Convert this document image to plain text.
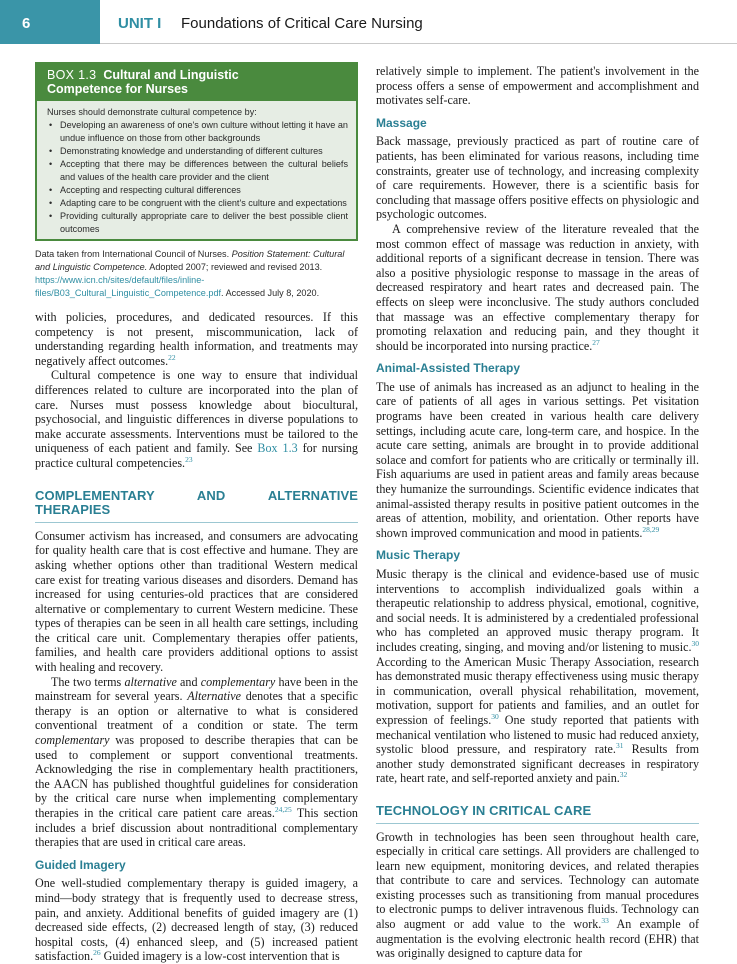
6	UNIT I Foundations of Critical Care Nursing
BOX 1.3 Cultural and Linguistic
Competence for Nurses
Nurses should demonstrate cultural competence by:
• Developing an awareness of one's own culture without letting it have an undue influence on those from other backgrounds
• Demonstrating knowledge and understanding of different cultures
• Accepting that there may be differences between the cultural beliefs and values of the health care provider and the client
• Accepting and respecting cultural differences
• Adapting care to be congruent with the client's culture and expectations
• Providing culturally appropriate care to deliver the best possible client outcomes
Data taken from International Council of Nurses. Position Statement: Cultural and Linguistic Competence. Adopted 2007; reviewed and revised 2013. https://www.icn.ch/sites/default/files/inline-files/B03_Cultural_Linguistic_Competence.pdf. Accessed July 8, 2020.

with policies, procedures, and dedicated resources. If this competency is not present, miscommunication, lack of understanding regarding health information, and treatments may negatively affect outcomes.$^{22}$

Cultural competence is one way to ensure that individual differences related to culture are incorporated into the plan of care. Nurses must possess knowledge about biocultural, psychosocial, and linguistic differences in diverse populations to make accurate assessments. Interventions must be tailored to the uniqueness of each patient and family. See Box 1.3 for nursing practice cultural competencies.$^{23}$

COMPLEMENTARY AND ALTERNATIVE THERAPIES

Consumer activism has increased, and consumers are advocating for quality health care that is cost effective and humane. They are asking whether options other than traditional Western medical care exist for treating various diseases and disorders. Demand has increased for using centuries-old practices that are considered alternative or complementary to current Western medicine. These types of therapies can be seen in all health care settings, including the critical care unit. Complementary therapies offer patients, families, and health care providers additional options to assist with healing and recovery.

The two terms alternative and complementary have been in the mainstream for several years. Alternative denotes that a specific therapy is an option or alternative to what is considered conventional treatment of a condition or state. The term complementary was proposed to describe therapies that can be used to complement or support conventional treatments. Acknowledging the rise in complementary health practitioners, the AACN has published thoughtful guidelines for consideration by the critical care nurse when implementing complementary therapies in the critical care patient care areas.$^{24,25}$ This section includes a brief discussion about nontraditional complementary therapies that are used in critical care areas.

Guided Imagery

One well-studied complementary therapy is guided imagery, a mind—body strategy that is frequently used to decrease stress, pain, and anxiety. Additional benefits of guided imagery are (1) decreased side effects, (2) decreased length of stay, (3) reduced hospital costs, (4) enhanced sleep, and (5) increased patient satisfaction.$^{26}$ Guided imagery is a low-cost intervention that is

relatively simple to implement. The patient's involvement in the process offers a sense of empowerment and accomplishment and motivates self-care.

Massage

Back massage, previously practiced as part of routine care of patients, has been eliminated for various reasons, including time constraints, greater use of technology, and increasing complexity of care requirements. However, there is a scientific basis for concluding that massage offers positive effects on physiologic and psychologic outcomes.

A comprehensive review of the literature revealed that the most common effect of massage was reduction in anxiety, with additional reports of a significant decrease in tension. There was also a positive physiologic response to massage in the areas of decreased respiratory and heart rates and decreased pain. The effects on sleep were inconclusive. The study authors concluded that massage was an effective complementary therapy for promoting relaxation and reducing pain, and they thought it should be incorporated into nursing practice.$^{27}$

Animal-Assisted Therapy

The use of animals has increased as an adjunct to healing in the care of patients of all ages in various settings. Pet visitation programs have been created in various health care delivery settings, including acute care, long-term care, and hospice. In the acute care setting, animals are brought in to provide additional solace and comfort for patients who are critically or terminally ill. Fish aquariums are used in patient areas and family areas because they humanize the surroundings. Scientific evidence indicates that animal-assisted therapy results in positive patient outcomes in the areas of attention, mobility, and orientation. Other reports have shown improved communication and mood in patients.$^{28,29}$

Music Therapy

Music therapy is the clinical and evidence-based use of music interventions to accomplish individualized goals within a therapeutic relationship to address physical, emotional, cognitive, and social needs. It is administered by a credentialed professional who has completed an approved music therapy program. It includes creating, singing, and moving and/or listening to music.$^{30}$ According to the American Music Therapy Association, research has demonstrated music therapy effectiveness using music therapy in communication, overall physical rehabilitation, movement, motivation, support for patients and families, and an outlet for expression of feelings.$^{30}$ One study reported that patients with mechanical ventilation who listened to music had reduced anxiety, systolic blood pressure, and respiratory rate.$^{31}$ Results from another study demonstrated significant decreases in respiratory rate, heart rate, and self-reported anxiety and pain.$^{32}$

TECHNOLOGY IN CRITICAL CARE

Growth in technologies has been seen throughout health care, especially in critical care settings. All providers are challenged to learn new equipment, monitoring devices, and related therapies that contribute to care and services. Technology can automate existing processes such as transitioning from manual procedures to electronic pumps to deliver intravenous fluids. Technology can also augment or add value to the work.$^{33}$ An example of augmentation is the evolving electronic health record (EHR) that was originally designed to capture data for
